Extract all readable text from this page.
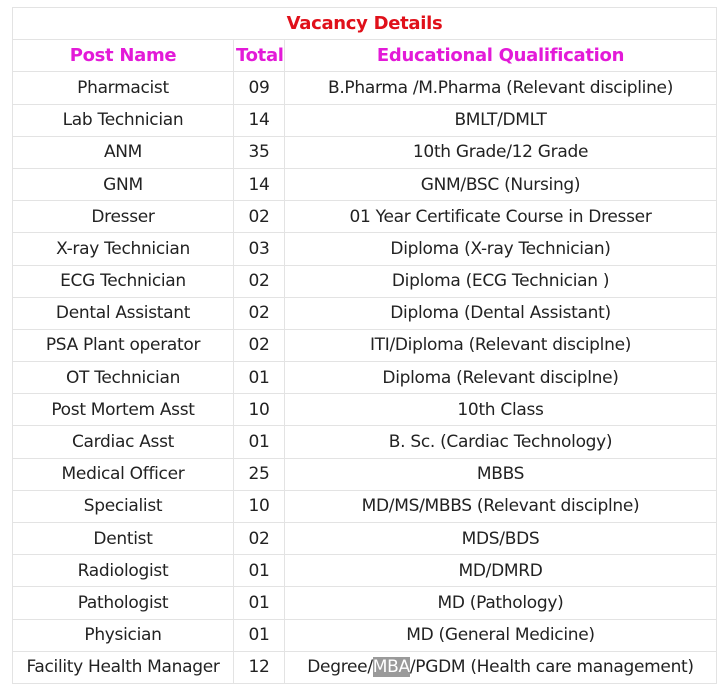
Vacancy Details		
Post Name	Total	Educational Qualification
Pharmacist	09	B.Pharma /M.Pharma (Relevant discipline)
Lab Technician	14	BMLT/DMLT
ANM	35	10th Grade/12 Grade
GNM	14	GNM/BSC (Nursing)
Dresser	02	01 Year Certificate Course in Dresser
X-ray Technician	03	Diploma (X-ray Technician)
ECG Technician	02	Diploma (ECG Technician )
Dental Assistant	02	Diploma (Dental Assistant)
PSA Plant operator	02	ITI/Diploma (Relevant disciplne)
OT Technician	01	Diploma (Relevant disciplne)
Post Mortem Asst	10	10th Class
Cardiac Asst	01	B. Sc. (Cardiac Technology)
Medical Officer	25	MBBS
Specialist	10	MD/MS/MBBS (Relevant disciplne)
Dentist	02	MDS/BDS
Radiologist	01	MD/DMRD
Pathologist	01	MD (Pathology)
Physician	01	MD (General Medicine)
Facility Health Manager	12	Degree/MBA/PGDM (Health care management)
